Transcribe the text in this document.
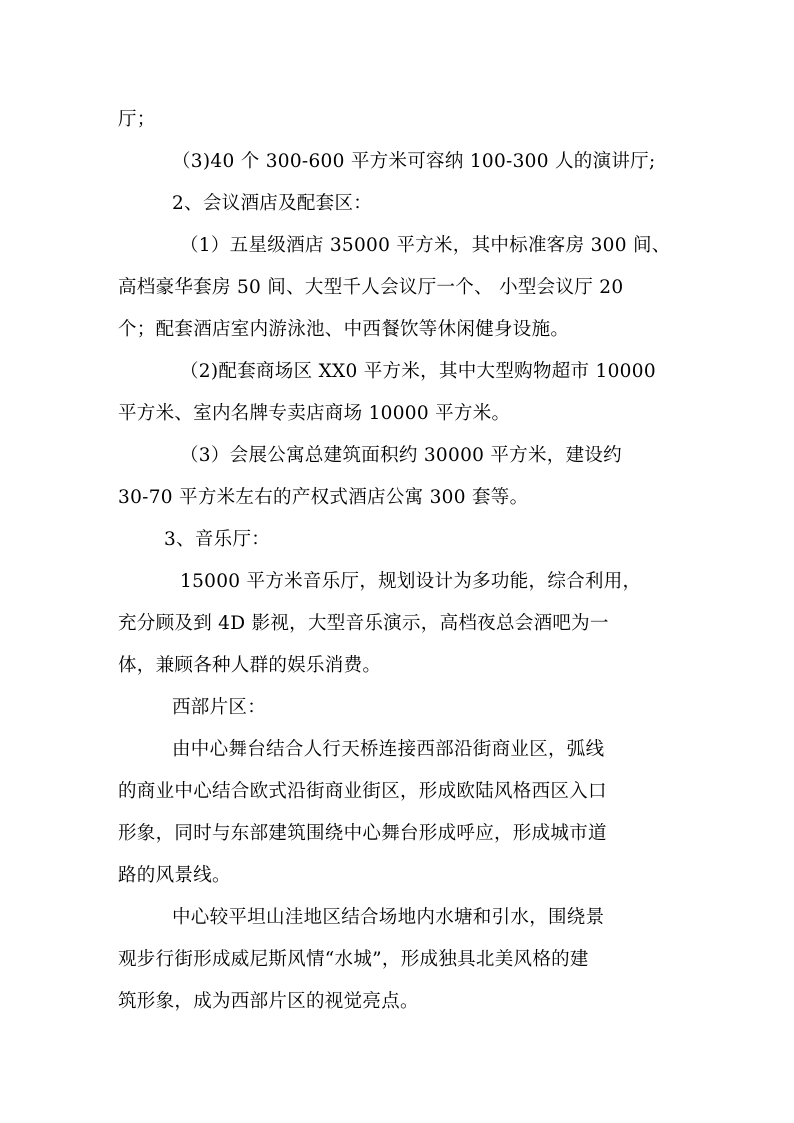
厅；
（3)40 个 300-600 平方米可容纳 100-300 人的演讲厅;
2、会议酒店及配套区：
（1）五星级酒店 35000 平方米，其中标准客房 300 间、
高档豪华套房 50 间、大型千人会议厅一个、 小型会议厅 20
个；配套酒店室内游泳池、中西餐饮等休闲健身设施。
（2)配套商场区 XX0 平方米，其中大型购物超市 10000
平方米、室内名牌专卖店商场 10000 平方米。
（3）会展公寓总建筑面积约 30000 平方米，建设约
30-70 平方米左右的产权式酒店公寓 300 套等。
3、音乐厅：
15000 平方米音乐厅，规划设计为多功能，综合利用，
充分顾及到 4D 影视，大型音乐演示，高档夜总会酒吧为一
体，兼顾各种人群的娱乐消费。
西部片区：
由中心舞台结合人行天桥连接西部沿街商业区，弧线
的商业中心结合欧式沿街商业街区，形成欧陆风格西区入口
形象，同时与东部建筑围绕中心舞台形成呼应，形成城市道
路的风景线。
中心较平坦山洼地区结合场地内水塘和引水，围绕景
观步行街形成威尼斯风情“水城”，形成独具北美风格的建
筑形象，成为西部片区的视觉亮点。
